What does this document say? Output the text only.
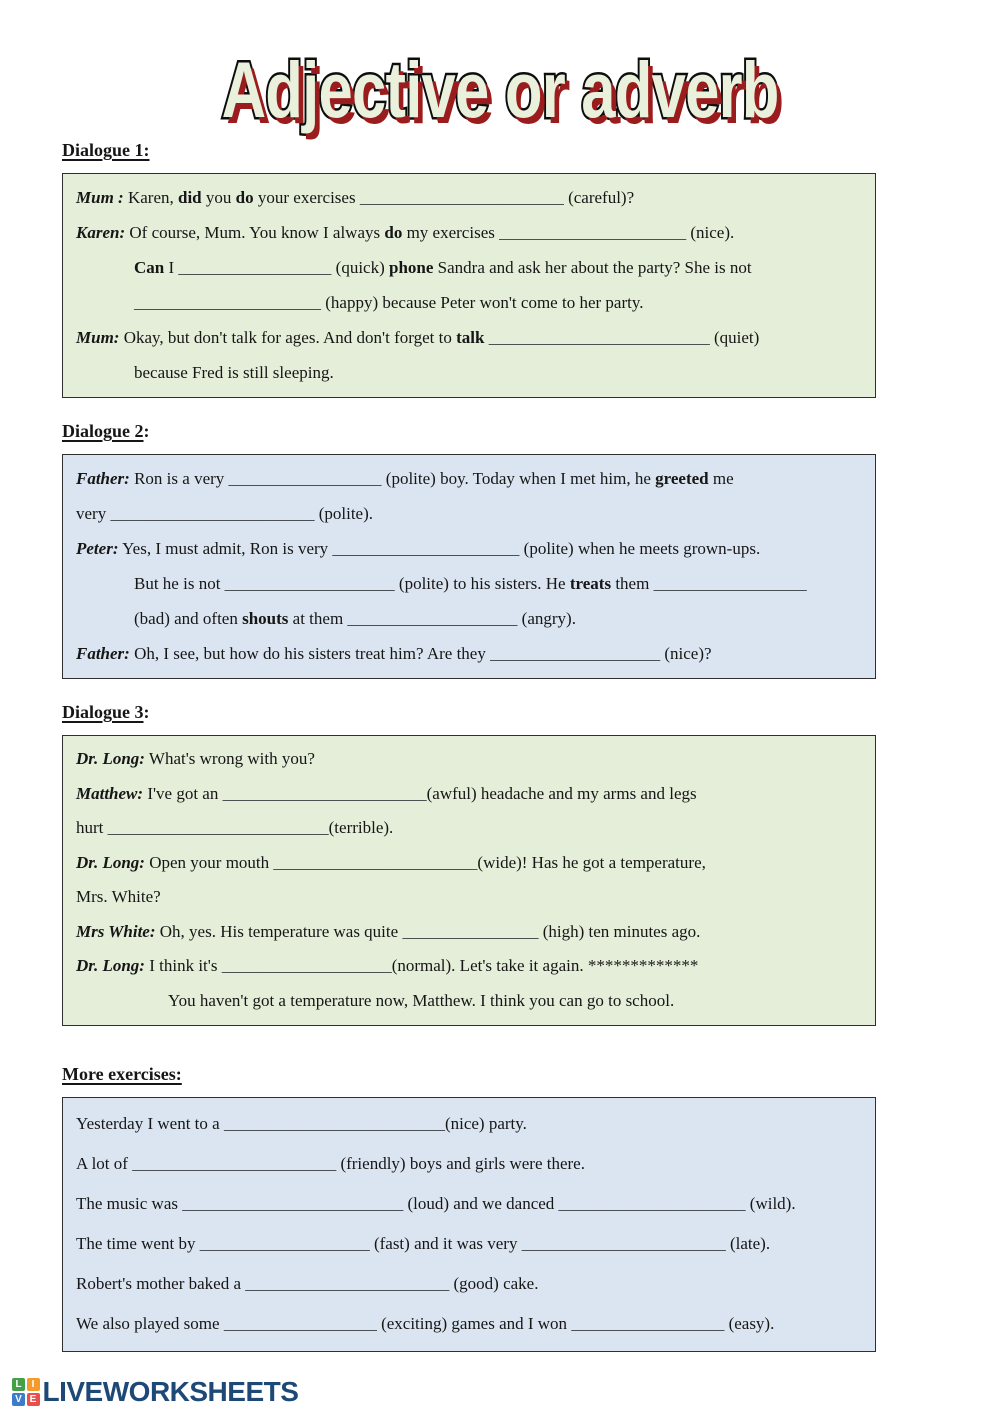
Adjective or adverb
Dialogue 1:
Mum : Karen, did you do your exercises ________________________ (careful)?
Karen: Of course, Mum. You know I always do my exercises ______________________ (nice).
Can I __________________ (quick) phone Sandra and ask her about the party? She is not
______________________ (happy) because Peter won't come to her party.
Mum: Okay, but don't talk for ages. And don't forget to talk __________________________ (quiet)
because Fred is still sleeping.
Dialogue 2:
Father: Ron is a very __________________ (polite) boy. Today when I met him, he greeted me
very ________________________ (polite).
Peter: Yes, I must admit, Ron is very ______________________ (polite) when he meets grown-ups.
But he is not ____________________ (polite) to his sisters. He treats them __________________
(bad) and often shouts at them ____________________ (angry).
Father: Oh, I see, but how do his sisters treat him? Are they ____________________ (nice)?
Dialogue 3:
Dr. Long: What's wrong with you?
Matthew: I've got an ________________________(awful) headache and my arms and legs
hurt __________________________(terrible).
Dr. Long: Open your mouth ________________________(wide)! Has he got a temperature,
Mrs. White?
Mrs White: Oh, yes. His temperature was quite ________________ (high) ten minutes ago.
Dr. Long: I think it's ____________________(normal). Let's take it again. *************
You haven't got a temperature now, Matthew. I think you can go to school.
More exercises:
Yesterday I went to a __________________________(nice) party.
A lot of ________________________ (friendly) boys and girls were there.
The music was __________________________ (loud) and we danced ______________________ (wild).
The time went by ____________________ (fast) and it was very ________________________ (late).
Robert's mother baked a ________________________ (good) cake.
We also played some __________________ (exciting) games and I won __________________ (easy).
L	I
V E LIVEWORKSHEETS
